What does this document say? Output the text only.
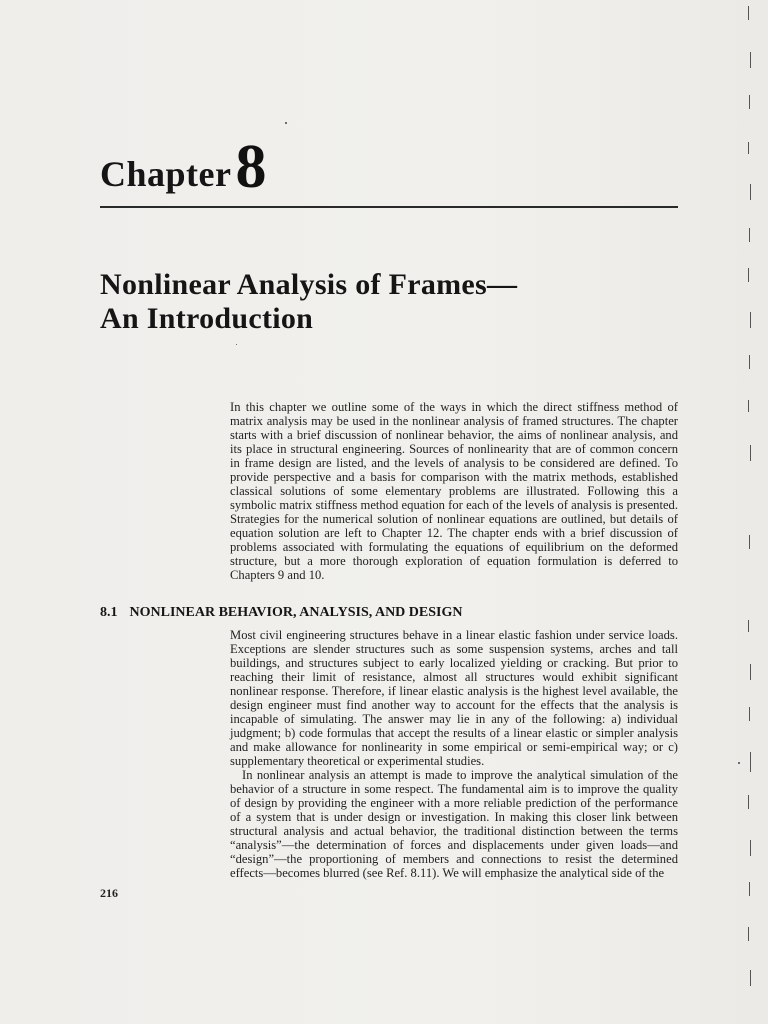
Chapter 8
Nonlinear Analysis of Frames—
An Introduction
In this chapter we outline some of the ways in which the direct stiffness method of matrix analysis may be used in the nonlinear analysis of framed structures. The chapter starts with a brief discussion of nonlinear behavior, the aims of nonlinear analysis, and its place in structural engineering. Sources of nonlinearity that are of common concern in frame design are listed, and the levels of analysis to be considered are defined. To provide perspective and a basis for comparison with the matrix methods, established classical solutions of some elementary problems are illustrated. Following this a symbolic matrix stiffness method equation for each of the levels of analysis is presented. Strategies for the numerical solution of nonlinear equations are outlined, but details of equation solution are left to Chapter 12. The chapter ends with a brief discussion of problems associated with formulating the equations of equilibrium on the deformed structure, but a more thorough exploration of equation formulation is deferred to Chapters 9 and 10.
8.1 NONLINEAR BEHAVIOR, ANALYSIS, AND DESIGN

Most civil engineering structures behave in a linear elastic fashion under service loads. Exceptions are slender structures such as some suspension systems, arches and tall buildings, and structures subject to early localized yielding or cracking. But prior to reaching their limit of resistance, almost all structures would exhibit significant nonlinear response. Therefore, if linear elastic analysis is the highest level available, the design engineer must find another way to account for the effects that the analysis is incapable of simulating. The answer may lie in any of the following: a) individual judgment; b) code formulas that accept the results of a linear elastic or simpler analysis and make allowance for nonlinearity in some empirical or semi-empirical way; or c) supplementary theoretical or experimental studies.

In nonlinear analysis an attempt is made to improve the analytical simulation of the behavior of a structure in some respect. The fundamental aim is to improve the quality of design by providing the engineer with a more reliable prediction of the performance of a system that is under design or investigation. In making this closer link between structural analysis and actual behavior, the traditional distinction between the terms “analysis”—the determination of forces and displacements under given loads—and “design”—the proportioning of members and connections to resist the determined effects—becomes blurred (see Ref. 8.11). We will emphasize the analytical side of the

216
